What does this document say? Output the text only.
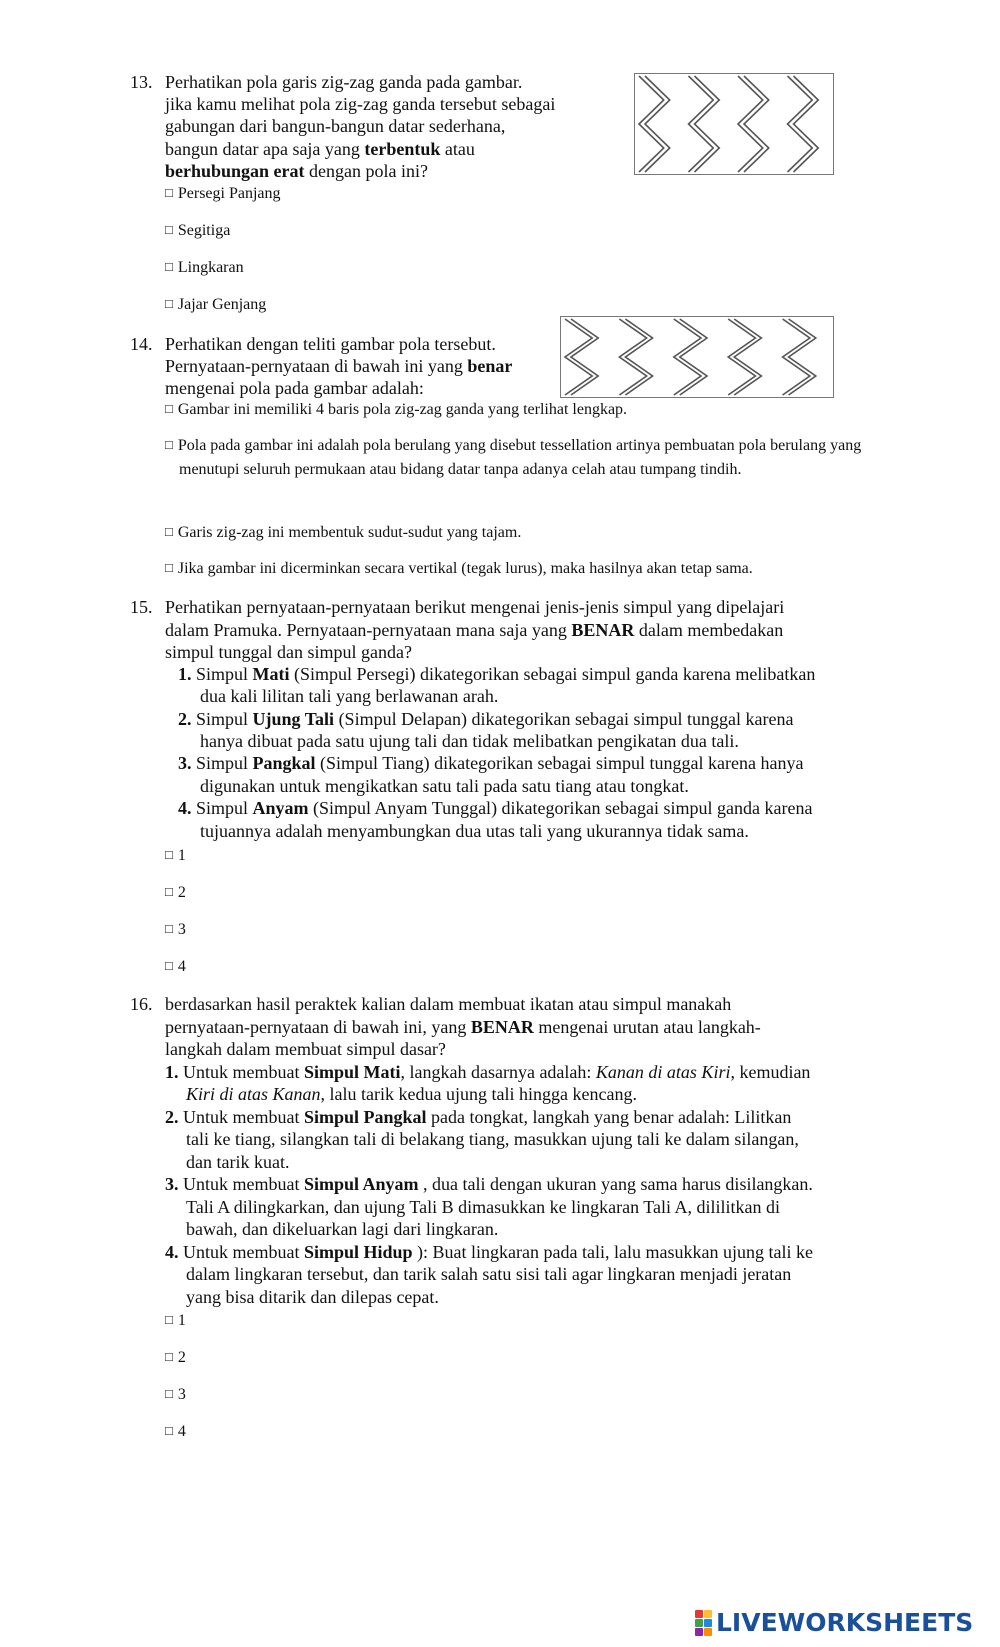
13. Perhatikan pola garis zig-zag ganda pada gambar.
jika kamu melihat pola zig-zag ganda tersebut sebagai
gabungan dari bangun-bangun datar sederhana,
bangun datar apa saja yang terbentuk atau
berhubungan erat dengan pola ini?
□ Persegi Panjang
□ Segitiga
□ Lingkaran
□ Jajar Genjang
14. Perhatikan dengan teliti gambar pola tersebut.
Pernyataan-pernyataan di bawah ini yang benar
mengenai pola pada gambar adalah:
□ Gambar ini memiliki 4 baris pola zig-zag ganda yang terlihat lengkap.
□ Pola pada gambar ini adalah pola berulang yang disebut tessellation artinya pembuatan pola berulang yang menutupi seluruh permukaan atau bidang datar tanpa adanya celah atau tumpang tindih.
□ Garis zig-zag ini membentuk sudut-sudut yang tajam.
□ Jika gambar ini dicerminkan secara vertikal (tegak lurus), maka hasilnya akan tetap sama.
15. Perhatikan pernyataan-pernyataan berikut mengenai jenis-jenis simpul yang dipelajari
dalam Pramuka. Pernyataan-pernyataan mana saja yang BENAR dalam membedakan
simpul tunggal dan simpul ganda?
1. Simpul Mati (Simpul Persegi) dikategorikan sebagai simpul ganda karena melibatkan
dua kali lilitan tali yang berlawanan arah.
2. Simpul Ujung Tali (Simpul Delapan) dikategorikan sebagai simpul tunggal karena
hanya dibuat pada satu ujung tali dan tidak melibatkan pengikatan dua tali.
3. Simpul Pangkal (Simpul Tiang) dikategorikan sebagai simpul tunggal karena hanya
digunakan untuk mengikatkan satu tali pada satu tiang atau tongkat.
4. Simpul Anyam (Simpul Anyam Tunggal) dikategorikan sebagai simpul ganda karena
tujuannya adalah menyambungkan dua utas tali yang ukurannya tidak sama.
□ 1
□ 2
□ 3
□ 4
16. berdasarkan hasil peraktek kalian dalam membuat ikatan atau simpul manakah
pernyataan-pernyataan di bawah ini, yang BENAR mengenai urutan atau langkah-
langkah dalam membuat simpul dasar?
1. Untuk membuat Simpul Mati, langkah dasarnya adalah: Kanan di atas Kiri, kemudian
Kiri di atas Kanan, lalu tarik kedua ujung tali hingga kencang.
2. Untuk membuat Simpul Pangkal pada tongkat, langkah yang benar adalah: Lilitkan
tali ke tiang, silangkan tali di belakang tiang, masukkan ujung tali ke dalam silangan,
dan tarik kuat.
3. Untuk membuat Simpul Anyam , dua tali dengan ukuran yang sama harus disilangkan.
Tali A dilingkarkan, dan ujung Tali B dimasukkan ke lingkaran Tali A, dililitkan di
bawah, dan dikeluarkan lagi dari lingkaran.
4. Untuk membuat Simpul Hidup ): Buat lingkaran pada tali, lalu masukkan ujung tali ke
dalam lingkaran tersebut, dan tarik salah satu sisi tali agar lingkaran menjadi jeratan
yang bisa ditarik dan dilepas cepat.
□ 1
□ 2
□ 3
□ 4
LIVEWORKSHEETS
